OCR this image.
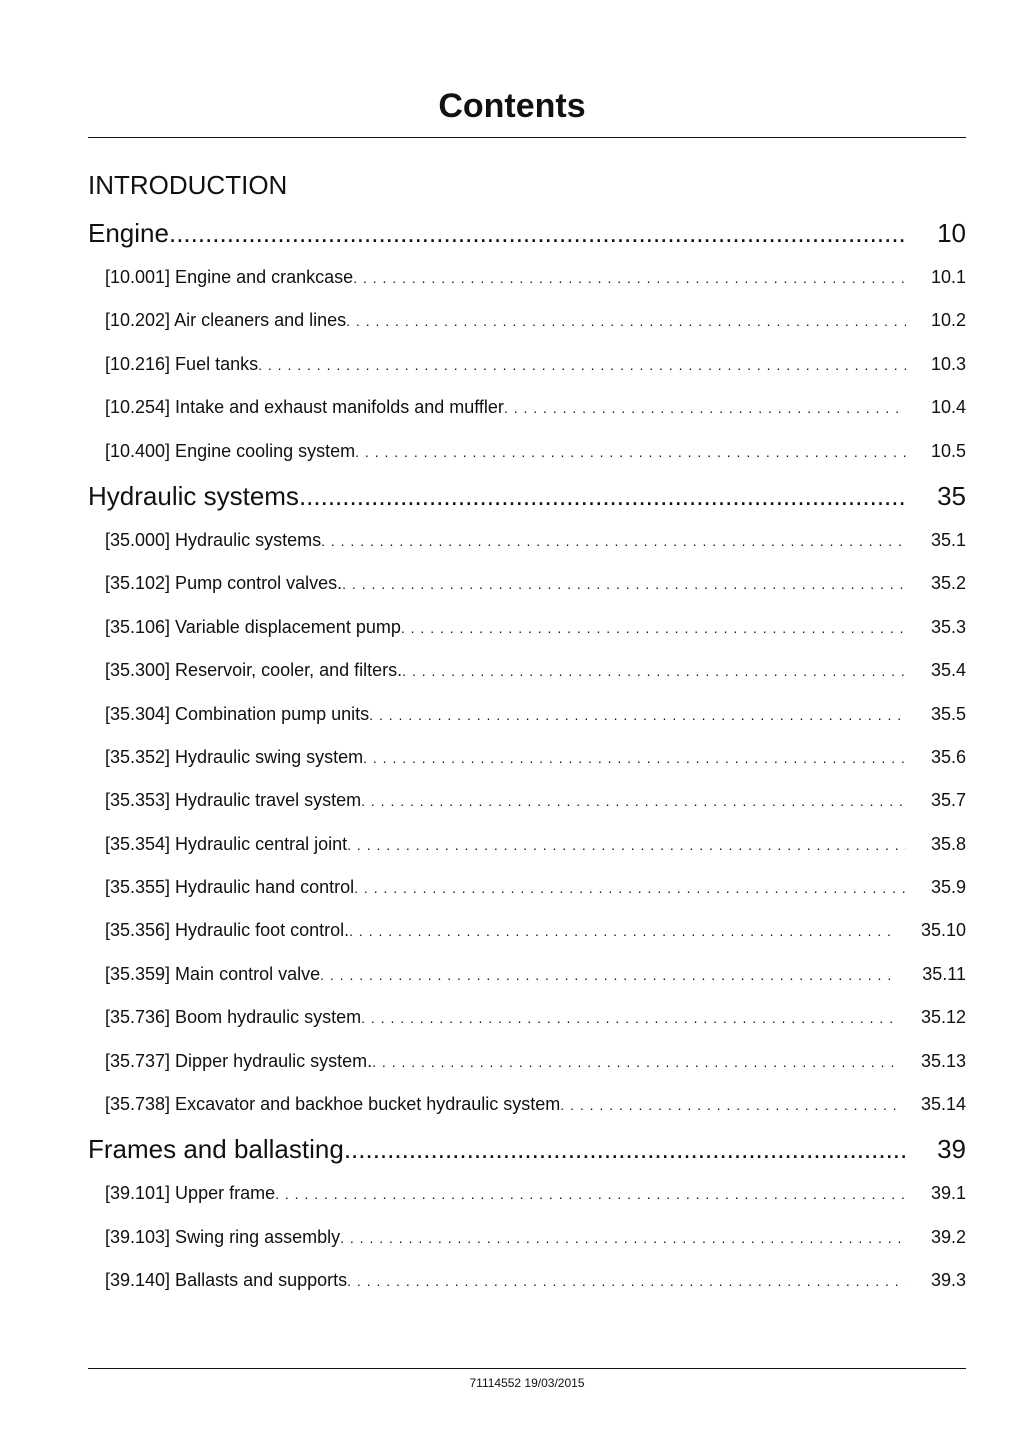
Contents
INTRODUCTION
Engine .....	10
[10.001] Engine and crankcase . . .	10.1
[10.202] Air cleaners and lines . . .	10.2
[10.216] Fuel tanks . . .	10.3
[10.254] Intake and exhaust manifolds and muffler . . .	10.4
[10.400] Engine cooling system . . .	10.5
Hydraulic systems .....	35
[35.000] Hydraulic systems . . .	35.1
[35.102] Pump control valves. . . .	35.2
[35.106] Variable displacement pump . . .	35.3
[35.300] Reservoir, cooler, and filters. . . .	35.4
[35.304] Combination pump units . . .	35.5
[35.352] Hydraulic swing system . . .	35.6
[35.353] Hydraulic travel system . . .	35.7
[35.354] Hydraulic central joint . . .	35.8
[35.355] Hydraulic hand control . . .	35.9
[35.356] Hydraulic foot control. . . .	35.10
[35.359] Main control valve . . .	35.11
[35.736] Boom hydraulic system . . .	35.12
[35.737] Dipper hydraulic system. . . .	35.13
[35.738] Excavator and backhoe bucket hydraulic system . . .	35.14
Frames and ballasting .....	39
[39.101] Upper frame . . .	39.1
[39.103] Swing ring assembly . . .	39.2
[39.140] Ballasts and supports . . .	39.3
71114552 19/03/2015
